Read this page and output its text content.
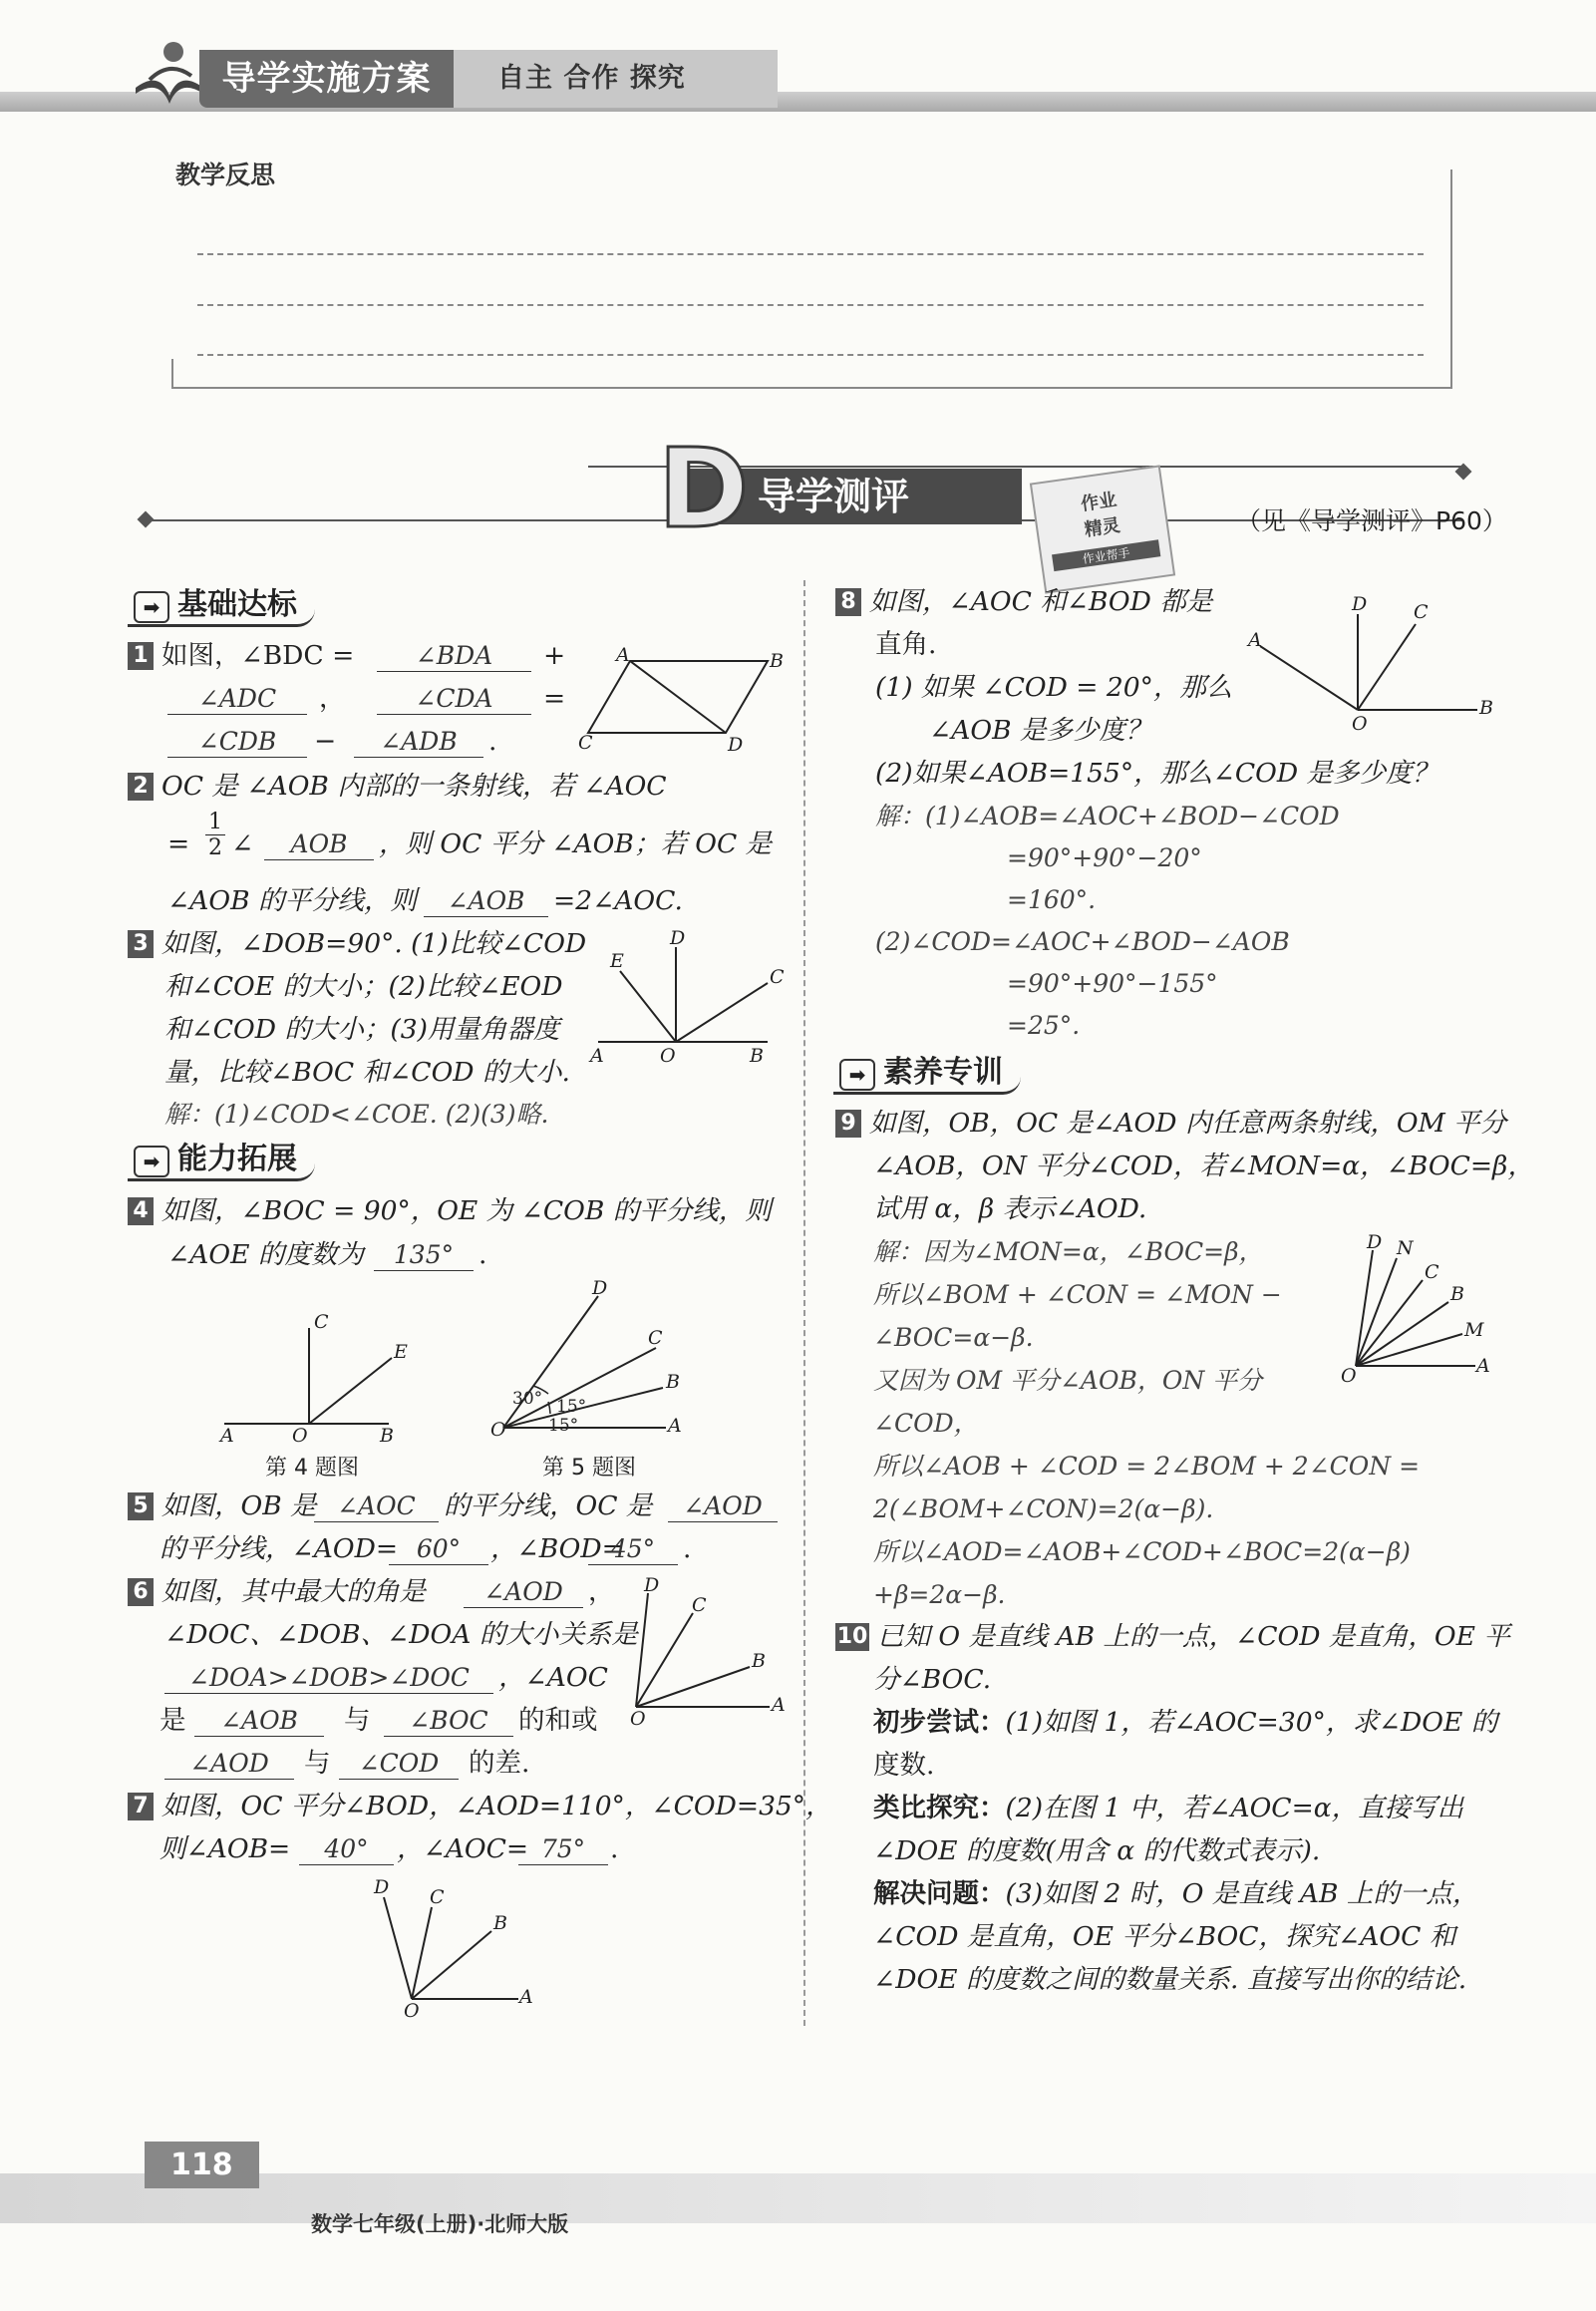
导学实施方案	自主 合作 探究
教学反思
导学测评
D	作业
精灵
作业帮手
（见《导学测评》P60）
➡ 基础达标
1 如图，∠BDC =	∠BDA	+
∠ADC	，	∠CDA	=
∠CDB	−	∠ADB	.
A	B
C	D
2 OC 是 ∠AOB 内部的一条射线，若 ∠AOC
= $\frac{1}{2}$ ∠	AOB	，则 OC 平分 ∠AOB；若 OC 是
∠AOB 的平分线，则	∠AOB	=2∠AOC.
3 如图，∠DOB=90°. (1)比较∠COD
和∠COE 的大小；(2)比较∠EOD
和∠COD 的大小；(3)用量角器度
量，比较∠BOC 和∠COD 的大小.
解：(1)∠COD<∠COE. (2)(3)略.
D
C
E
A	O	B
➡ 能力拓展
4 如图，∠BOC = 90°，OE 为 ∠COB 的平分线，则
∠AOE 的度数为	135° .
C
E
A	O	B
第 4 题图
30° 15°
15°
D
C
B
A
O
第 5 题图
5 如图，OB 是 ∠AOC	的平分线，OC 是	∠AOD
的平分线，∠AOD= 60°	，∠BOD=
45°	.
6 如图，其中最大的角是	∠AOD ，
∠DOC、∠DOB、∠DOA 的大小关系是
∠DOA>∠DOB>∠DOC	，∠AOC
是	∠AOB	与	∠BOC	的和或
∠AOD	与	∠COD	的差.
D
C
B
A
O
7 如图，OC 平分∠BOD，∠AOD=110°，∠COD=35°，
则∠AOB=	40°	，∠AOC= 75° .
D C
B
A
O
8 如图，∠AOC 和∠BOD 都是
直角.
(1) 如果 ∠COD = 20°，那么
∠AOB 是多少度？
(2)如果∠AOB=155°，那么∠COD 是多少度？
解：(1)∠AOB=∠AOC+∠BOD−∠COD
=90°+90°−20°
=160°.
(2)∠COD=∠AOC+∠BOD−∠AOB
=90°+90°−155°
=25°.
D C
A
B
O
➡ 素养专训
9 如图，OB，OC 是∠AOD 内任意两条射线，OM 平分
∠AOB，ON 平分∠COD，若∠MON=α，∠BOC=β，
试用 α，β 表示∠AOD.
解：因为∠MON=α，∠BOC=β，
所以∠BOM + ∠CON = ∠MON −
∠BOC=α−β.
又因为 OM 平分∠AOB，ON 平分
∠COD，
所以∠AOB + ∠COD = 2∠BOM + 2∠CON =
2(∠BOM+∠CON)=2(α−β).
所以∠AOD=∠AOB+∠COD+∠BOC=2(α−β)
+β=2α−β.
D N
C
B
M
A
O
10 已知 O 是直线 AB 上的一点，∠COD 是直角，OE 平
分∠BOC.
初步尝试：(1)如图 1，若∠AOC=30°，求∠DOE 的
度数.
类比探究：(2)在图 1 中，若∠AOC=α，直接写出
∠DOE 的度数(用含 α 的代数式表示).
解决问题：(3)如图 2 时，O 是直线 AB 上的一点，
∠COD 是直角，OE 平分∠BOC，探究∠AOC 和
∠DOE 的度数之间的数量关系. 直接写出你的结论.
118
数学七年级(上册)·北师大版
